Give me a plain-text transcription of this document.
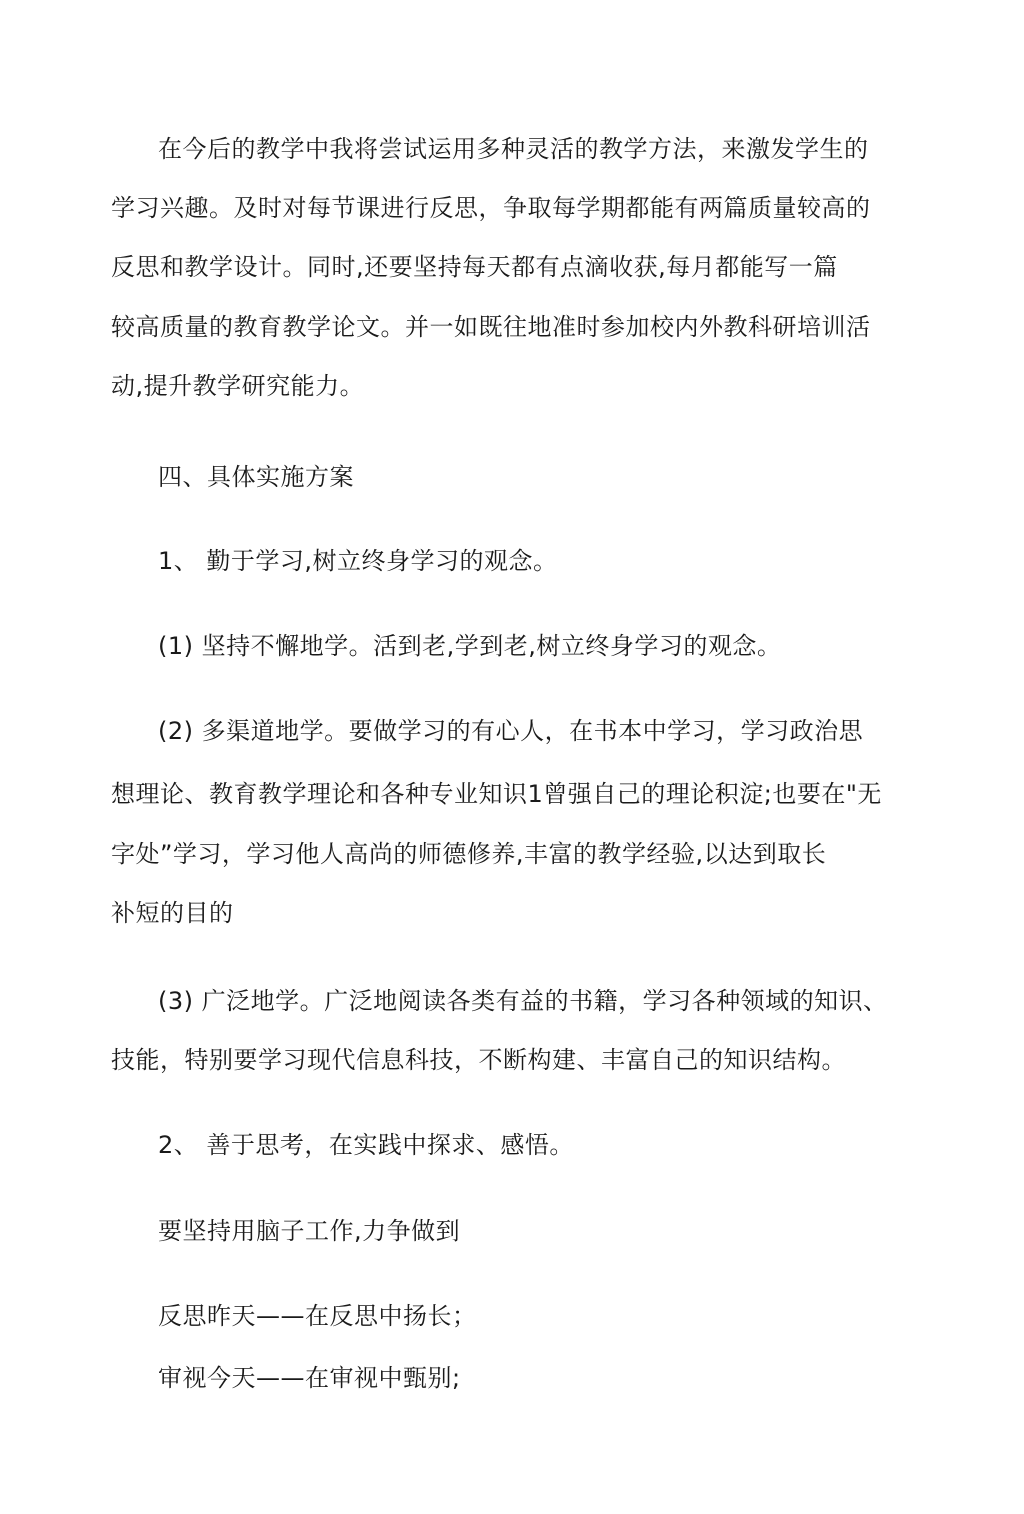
在今后的教学中我将尝试运用多种灵活的教学方法，来激发学生的
学习兴趣。及时对每节课进行反思，争取每学期都能有两篇质量较高的
反思和教学设计。同时,还要坚持每天都有点滴收获,每月都能写一篇
较高质量的教育教学论文。并一如既往地准时参加校内外教科研培训活
动,提升教学研究能力。
四、具体实施方案
1、 勤于学习,树立终身学习的观念。
(1) 坚持不懈地学。活到老,学到老,树立终身学习的观念。
(2) 多渠道地学。要做学习的有心人，在书本中学习，学习政治思
想理论、教育教学理论和各种专业知识1曾强自己的理论积淀;也要在"无
字处”学习，学习他人高尚的师德修养,丰富的教学经验,以达到取长
补短的目的
(3) 广泛地学。广泛地阅读各类有益的书籍，学习各种领域的知识、
技能，特别要学习现代信息科技，不断构建、丰富自己的知识结构。
2、 善于思考，在实践中探求、感悟。
要坚持用脑子工作,力争做到
反思昨天——在反思中扬长；
审视今天——在审视中甄别;
